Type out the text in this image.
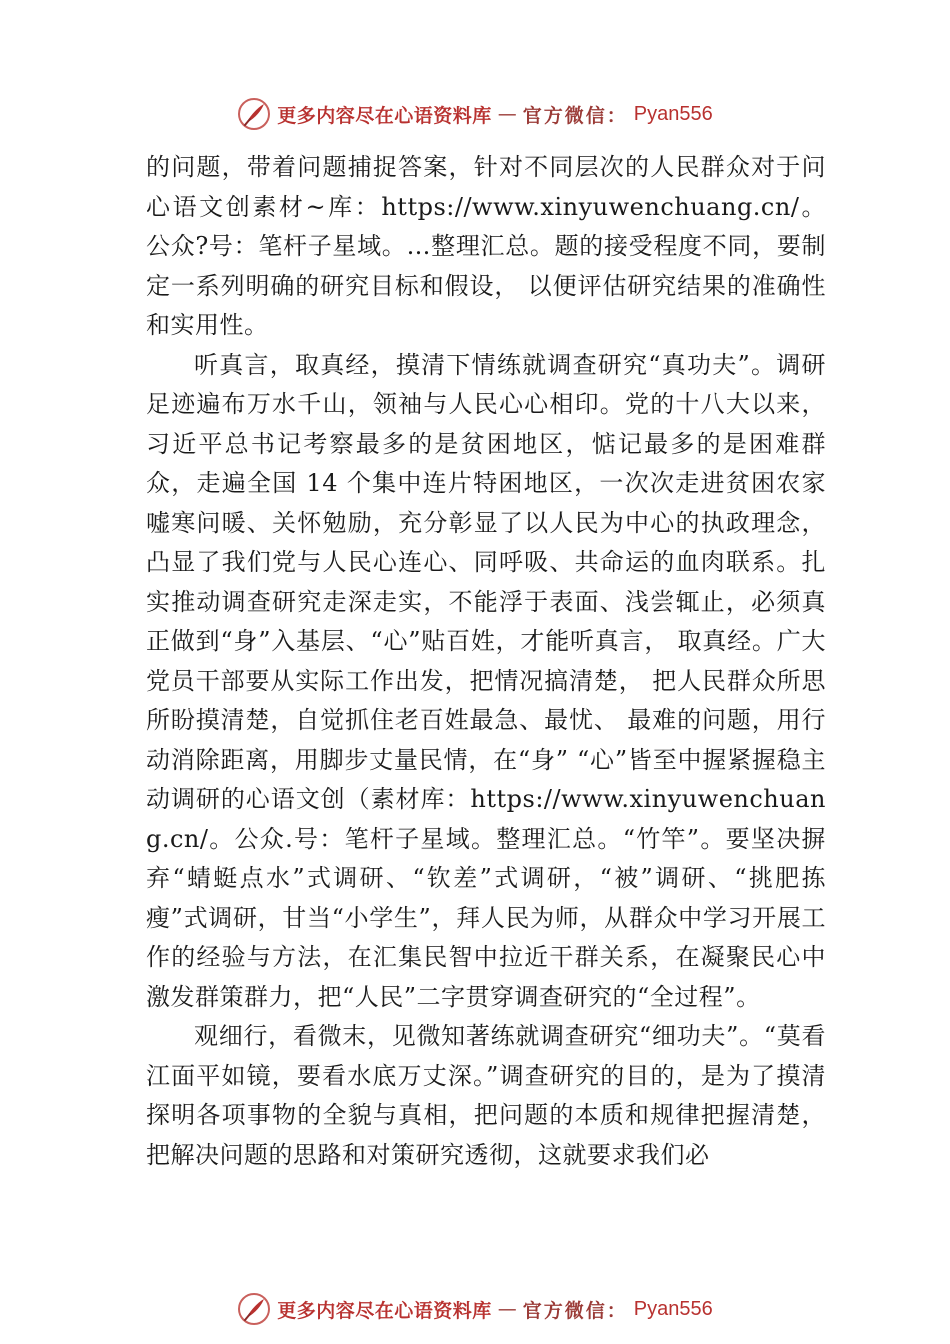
更多内容尽在心语资料库 — 官方微信： Pyan556

的问题，带着问题捕捉答案，针对不同层次的人民群众对于问心语文创素材~库：https://www.xinyuwenchuang.cn/。公众?号：笔杆子星域。…整理汇总。题的接受程度不同，要制定一系列明确的研究目标和假设， 以便评估研究结果的准确性和实用性。

听真言，取真经，摸清下情练就调查研究“真功夫”。调研足迹遍布万水千山，领袖与人民心心相印。党的十八大以来，习近平总书记考察最多的是贫困地区，惦记最多的是困难群众，走遍全国 14 个集中连片特困地区，一次次走进贫困农家嘘寒问暖、关怀勉励，充分彰显了以人民为中心的执政理念，凸显了我们党与人民心连心、同呼吸、共命运的血肉联系。扎实推动调查研究走深走实，不能浮于表面、浅尝辄止，必须真正做到“身”入基层、“心”贴百姓，才能听真言， 取真经。广大党员干部要从实际工作出发，把情况搞清楚， 把人民群众所思所盼摸清楚，自觉抓住老百姓最急、最忧、 最难的问题，用行动消除距离，用脚步丈量民情，在“身” “心”皆至中握紧握稳主动调研的心语文创（素材库：https://www.xinyuwenchuang.cn/。公众.号：笔杆子星域。整理汇总。“竹竿”。要坚决摒弃“蜻蜓点水”式调研、“钦差”式调研，“被”调研、“挑肥拣瘦”式调研，甘当“小学生”，拜人民为师，从群众中学习开展工作的经验与方法，在汇集民智中拉近干群关系，在凝聚民心中激发群策群力，把“人民”二字贯穿调查研究的“全过程”。

观细行，看微末，见微知著练就调查研究“细功夫”。“莫看江面平如镜，要看水底万丈深。”调查研究的目的，是为了摸清探明各项事物的全貌与真相，把问题的本质和规律把握清楚，把解决问题的思路和对策研究透彻，这就要求我们必

更多内容尽在心语资料库 — 官方微信： Pyan556
